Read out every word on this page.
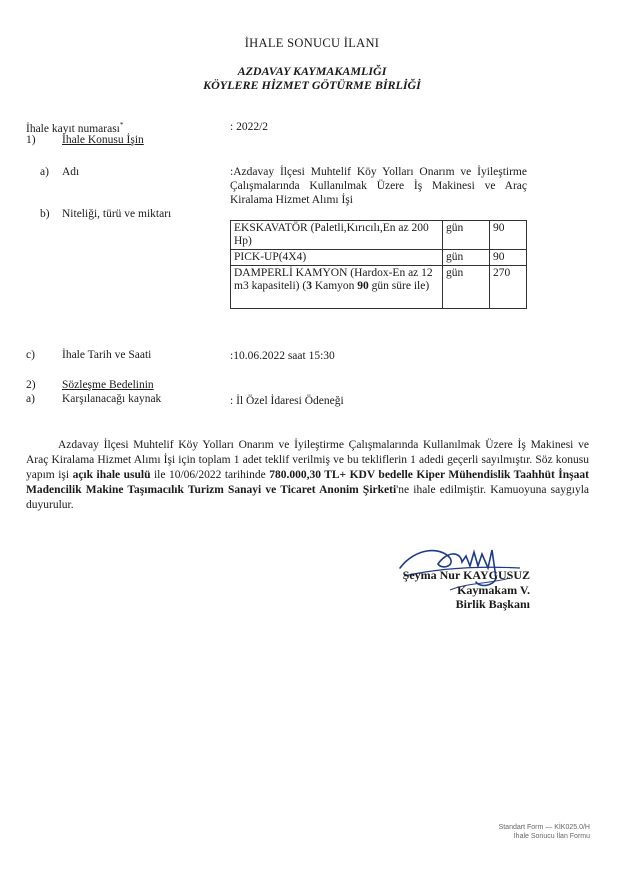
İHALE SONUCU İLANI
AZDAVAY KAYMAKAMLIĞI
KÖYLERE HİZMET GÖTÜRME BİRLİĞİ
İhale kayıt numarası*	: 2022/2
1) İhale Konusu İşin
a) Adı	:Azdavay İlçesi Muhtelif Köy Yolları Onarım ve İyileştirme Çalışmalarında Kullanılmak Üzere İş Makinesi ve Araç Kiralama Hizmet Alımı İşi
b) Niteliği, türü ve miktarı
EKSKAVATÖR (Paletli,Kırıcılı,En az 200 Hp)	gün	90
PICK-UP(4X4)	gün	90
DAMPERLİ KAMYON (Hardox-En az 12 m3 kapasiteli) (3 Kamyon 90 gün süre ile)	gün	270
c) İhale Tarih ve Saati	:10.06.2022 saat 15:30
2) Sözleşme Bedelinin
a) Karşılanacağı kaynak	: İl Özel İdaresi Ödeneği
Azdavay İlçesi Muhtelif Köy Yolları Onarım ve İyileştirme Çalışmalarında Kullanılmak Üzere İş Makinesi ve Araç Kiralama Hizmet Alımı İşi için toplam 1 adet teklif verilmiş ve bu tekliflerin 1 adedi geçerli sayılmıştır. Söz konusu yapım işi açık ihale usulü ile 10/06/2022 tarihinde 780.000,30 TL+ KDV bedelle Kiper Mühendislik Taahhüt İnşaat Madencilik Makine Taşımacılık Turizm Sanayi ve Ticaret Anonim Şirketi'ne ihale edilmiştir. Kamuoyuna saygıyla duyurulur.
Şeyma Nur KAYGUSUZ
Kaymakam V.
Birlik Başkanı
Standart Form — KİK025.0/H
İhale Sonucu İlan Formu
